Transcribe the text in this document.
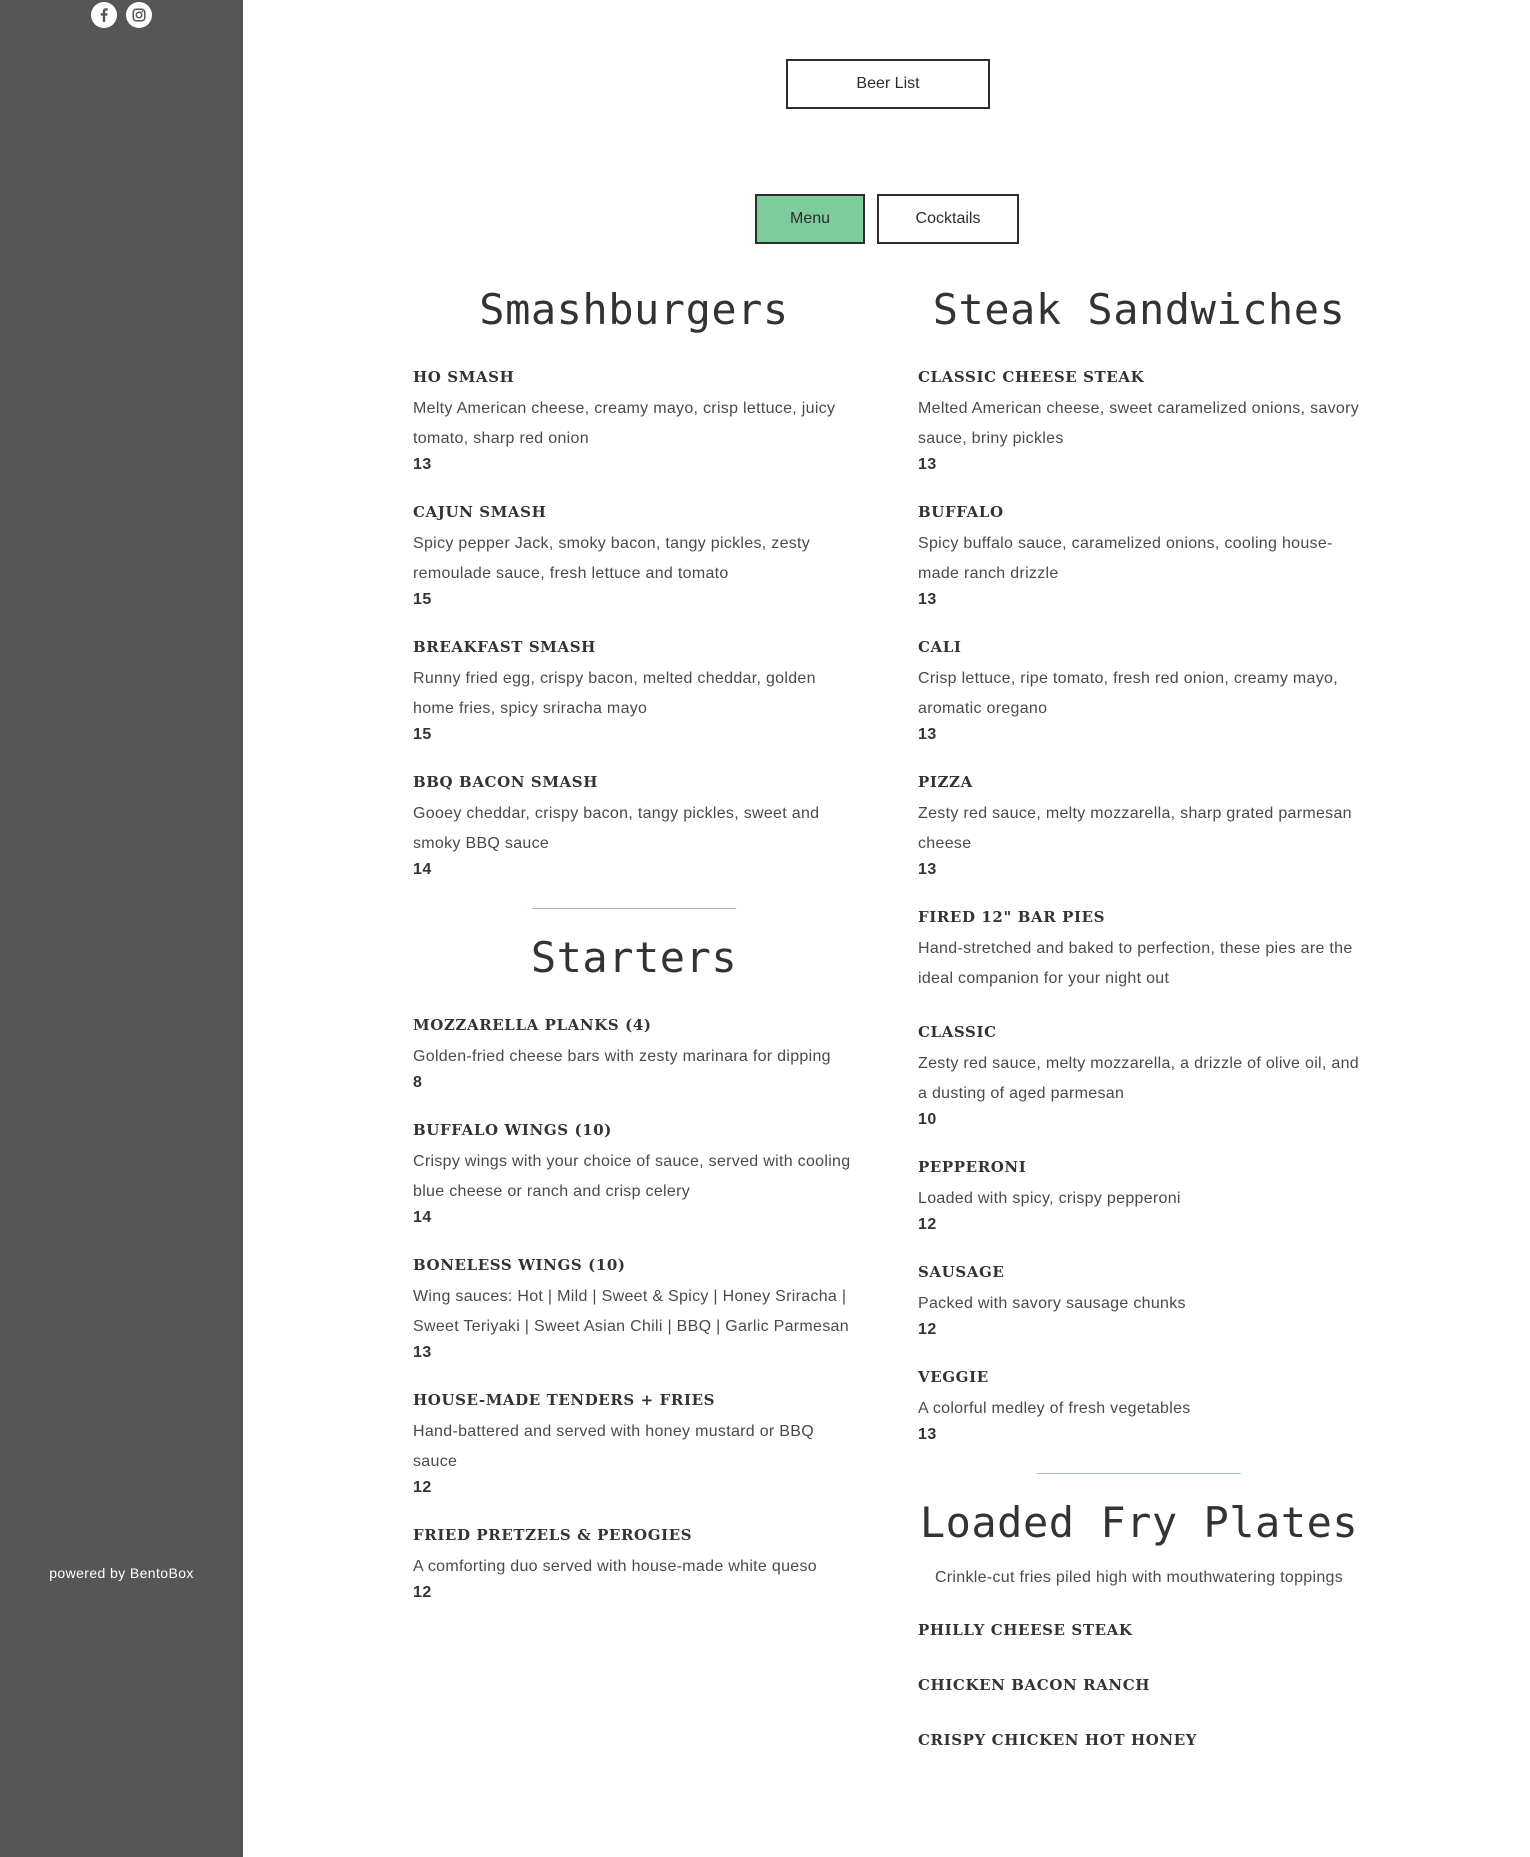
powered by BentoBox
Beer List
Menu	Cocktails
Smashburgers
HO SMASH
Melty American cheese, creamy mayo, crisp lettuce, juicy tomato, sharp red onion
13
CAJUN SMASH
Spicy pepper Jack, smoky bacon, tangy pickles, zesty remoulade sauce, fresh lettuce and tomato
15
BREAKFAST SMASH
Runny fried egg, crispy bacon, melted cheddar, golden home fries, spicy sriracha mayo
15
BBQ BACON SMASH
Gooey cheddar, crispy bacon, tangy pickles, sweet and smoky BBQ sauce
14
Starters
MOZZARELLA PLANKS (4)
Golden-fried cheese bars with zesty marinara for dipping
8
BUFFALO WINGS (10)
Crispy wings with your choice of sauce, served with cooling blue cheese or ranch and crisp celery
14
BONELESS WINGS (10)
Wing sauces: Hot | Mild | Sweet & Spicy | Honey Sriracha | Sweet Teriyaki | Sweet Asian Chili | BBQ | Garlic Parmesan
13
HOUSE-MADE TENDERS + FRIES
Hand-battered and served with honey mustard or BBQ sauce
12
FRIED PRETZELS & PEROGIES
A comforting duo served with house-made white queso
12
Steak Sandwiches
CLASSIC CHEESE STEAK
Melted American cheese, sweet caramelized onions, savory sauce, briny pickles
13
BUFFALO
Spicy buffalo sauce, caramelized onions, cooling house-made ranch drizzle
13
CALI
Crisp lettuce, ripe tomato, fresh red onion, creamy mayo, aromatic oregano
13
PIZZA
Zesty red sauce, melty mozzarella, sharp grated parmesan cheese
13
FIRED 12" BAR PIES
Hand-stretched and baked to perfection, these pies are the ideal companion for your night out
CLASSIC
Zesty red sauce, melty mozzarella, a drizzle of olive oil, and a dusting of aged parmesan
10
PEPPERONI
Loaded with spicy, crispy pepperoni
12
SAUSAGE
Packed with savory sausage chunks
12
VEGGIE
A colorful medley of fresh vegetables
13
Loaded Fry Plates
Crinkle-cut fries piled high with mouthwatering toppings
PHILLY CHEESE STEAK
CHICKEN BACON RANCH
CRISPY CHICKEN HOT HONEY
